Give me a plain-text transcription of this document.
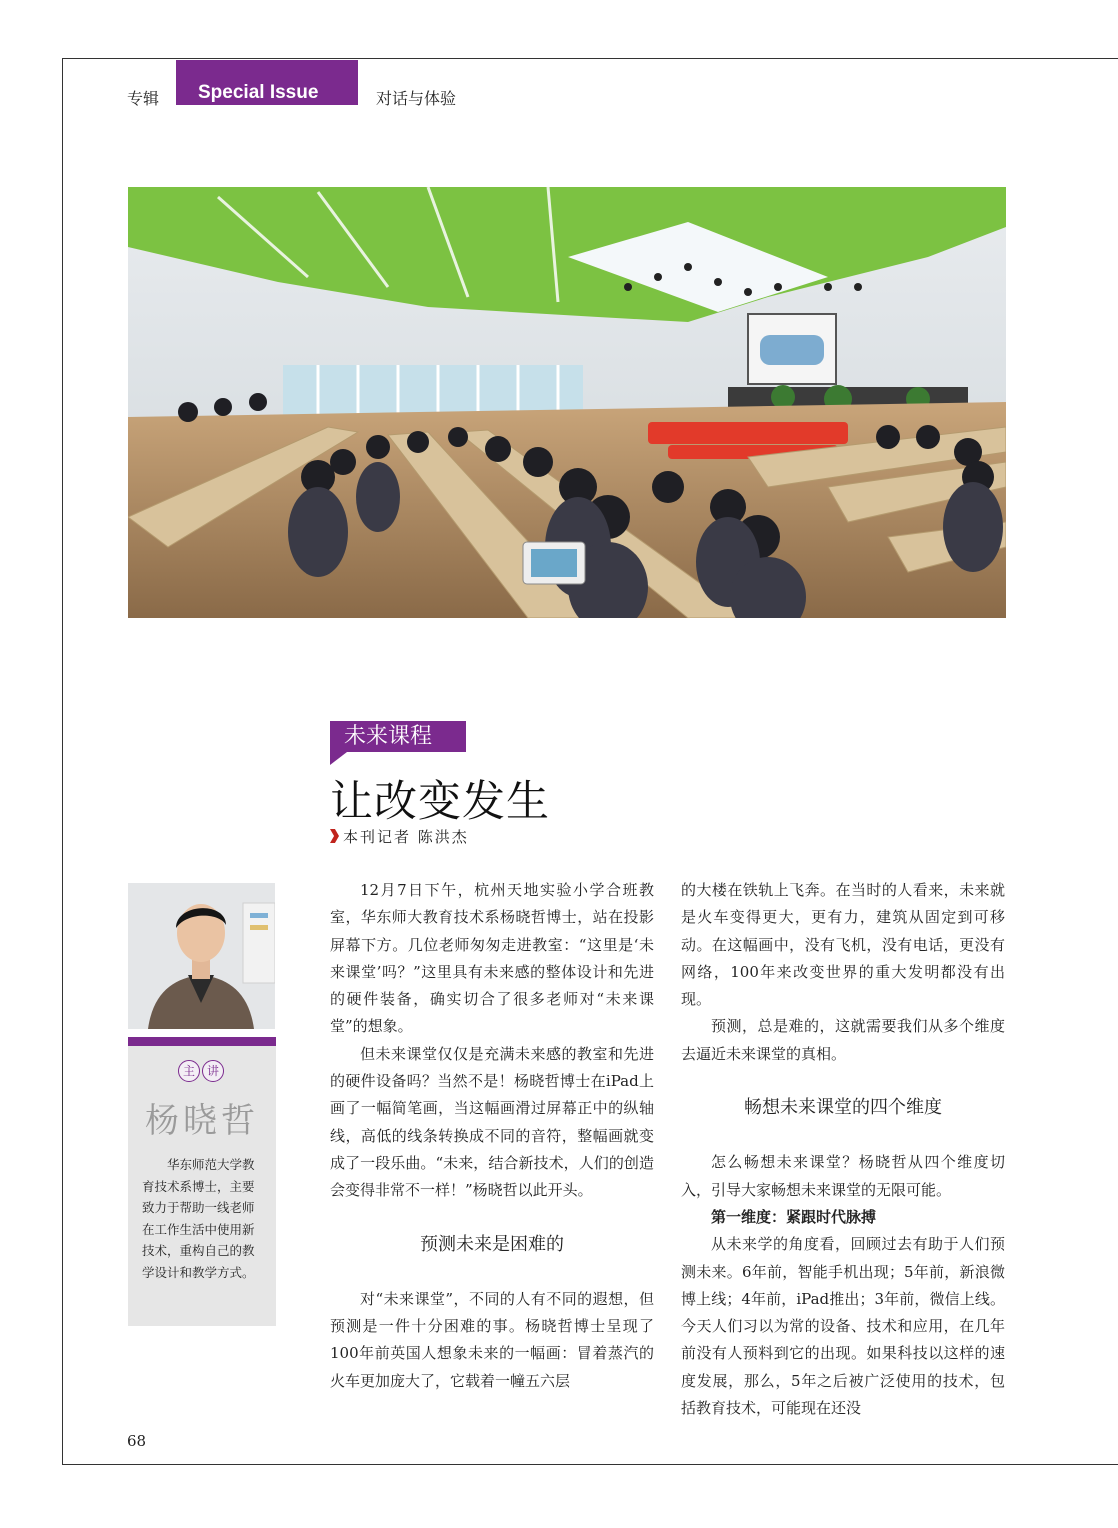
专辑 Special Issue	对话与体验
未来课程
让改变发生
本刊记者 陈洪杰
主 讲
杨晓哲
华东师范大学教育技术系博士，主要致力于帮助一线老师在工作生活中使用新技术，重构自己的教学设计和教学方式。

12月7日下午，杭州天地实验小学合班教室，华东师大教育技术系杨晓哲博士，站在投影屏幕下方。几位老师匆匆走进教室：“这里是‘未来课堂’吗？”这里具有未来感的整体设计和先进的硬件装备，确实切合了很多老师对“未来课堂”的想象。

但未来课堂仅仅是充满未来感的教室和先进的硬件设备吗？当然不是！杨晓哲博士在iPad上画了一幅简笔画，当这幅画滑过屏幕正中的纵轴线，高低的线条转换成不同的音符，整幅画就变成了一段乐曲。“未来，结合新技术，人们的创造会变得非常不一样！”杨晓哲以此开头。

预测未来是困难的

对“未来课堂”，不同的人有不同的遐想，但预测是一件十分困难的事。杨晓哲博士呈现了100年前英国人想象未来的一幅画：冒着蒸汽的火车更加庞大了，它载着一幢五六层

的大楼在铁轨上飞奔。在当时的人看来，未来就是火车变得更大，更有力，建筑从固定到可移动。在这幅画中，没有飞机，没有电话，更没有网络，100年来改变世界的重大发明都没有出现。

预测，总是难的，这就需要我们从多个维度去逼近未来课堂的真相。

畅想未来课堂的四个维度

怎么畅想未来课堂？杨晓哲从四个维度切入，引导大家畅想未来课堂的无限可能。

第一维度：紧跟时代脉搏

从未来学的角度看，回顾过去有助于人们预测未来。6年前，智能手机出现；5年前，新浪微博上线；4年前，iPad推出；3年前，微信上线。今天人们习以为常的设备、技术和应用，在几年前没有人预料到它的出现。如果科技以这样的速度发展，那么，5年之后被广泛使用的技术，包括教育技术，可能现在还没

68
